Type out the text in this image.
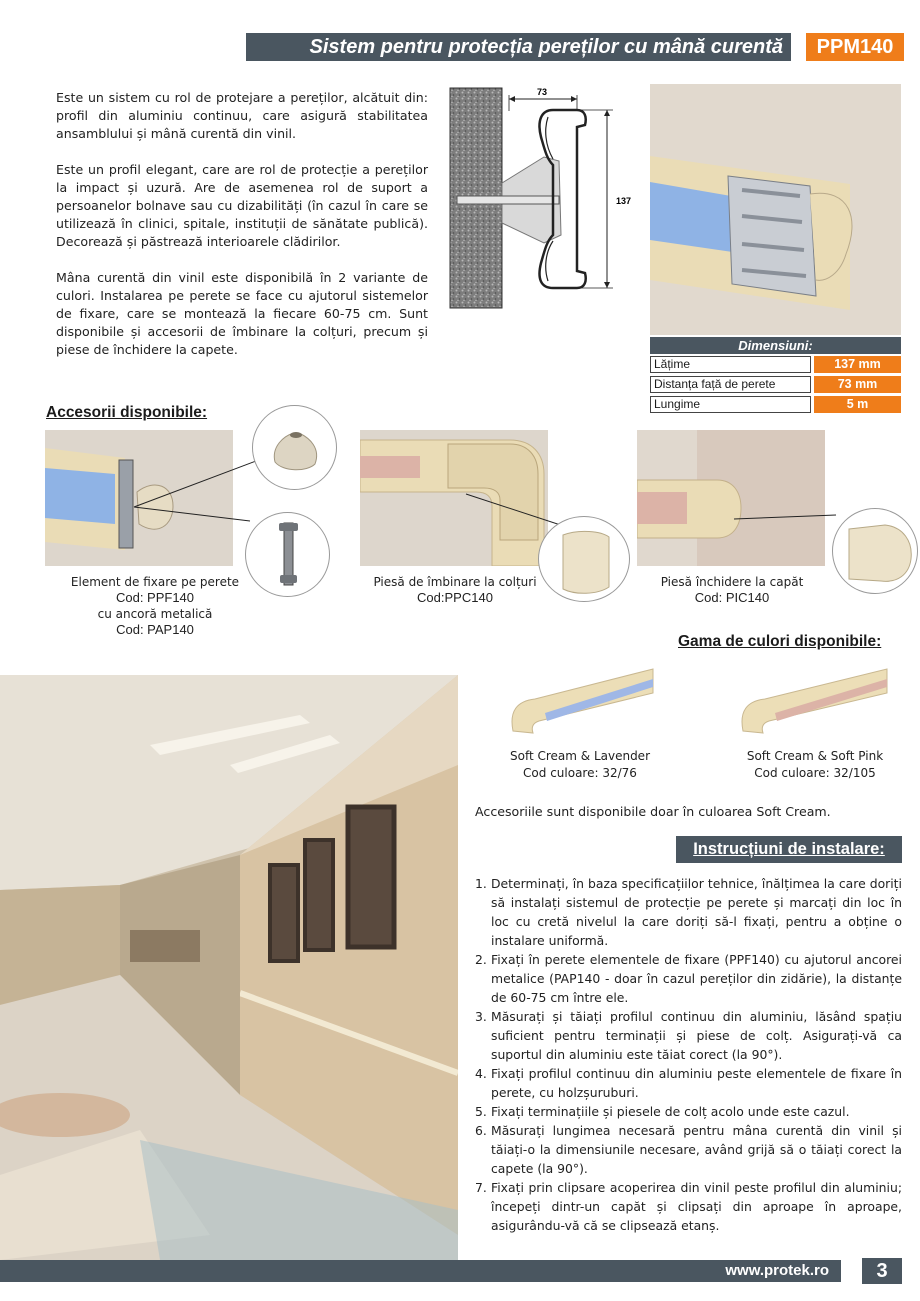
Sistem pentru protecția pereților cu mână curentă	PPM140

Este un sistem cu rol de protejare a pereților, alcătuit din: profil din aluminiu continuu, care asigură stabilitatea ansamblului și mână curentă din vinil.

Este un profil elegant, care are rol de protecție a pereților la impact și uzură. Are de asemenea rol de suport a persoanelor bolnave sau cu dizabilități (în cazul în care se utilizează în clinici, spitale, instituții de sănătate publică). Decorează și păstrează interioarele clădirilor.

Mâna curentă din vinil este disponibilă în 2 variante de culori. Instalarea pe perete se face cu ajutorul sistemelor de fixare, care se montează la fiecare 60-75 cm. Sunt disponibile și accesorii de îmbinare la colțuri, precum și piese de închidere la capete.

73
137
Dimensiuni:
Lățime	137 mm
Distanța față de perete	73 mm
Lungime	5 m
Accesorii disponibile:
Element de fixare pe perete
Cod: PPF140
cu ancoră metalică
Cod: PAP140
Piesă de îmbinare la colțuri
Cod:PPC140
Piesă închidere la capăt
Cod: PIC140
Gama de culori disponibile:
Soft Cream & Lavender
Cod culoare: 32/76
Soft Cream & Soft Pink
Cod culoare: 32/105
Accesoriile sunt disponibile doar în culoarea Soft Cream.
Instrucțiuni de instalare:
1. Determinați, în baza specificațiilor tehnice, înălțimea la care doriți să instalați sistemul de protecție pe perete și marcați din loc în loc cu cretă nivelul la care doriți să-l fixați, pentru a obține o instalare uniformă.
2. Fixați în perete elementele de fixare (PPF140) cu ajutorul ancorei metalice (PAP140 - doar în cazul pereților din zidărie), la distanțe de 60-75 cm între ele.
3. Măsurați și tăiați profilul continuu din aluminiu, lăsând spațiu suficient pentru terminații și piese de colț. Asigurați-vă ca suportul din aluminiu este tăiat corect (la 90°).
4. Fixați profilul continuu din aluminiu peste elementele de fixare în perete, cu holzșuruburi.
5. Fixați terminațiile și piesele de colț acolo unde este cazul.
6. Măsurați lungimea necesară pentru mâna curentă din vinil și tăiați-o la dimensiunile necesare, având grijă să o tăiați corect la capete (la 90°).
7. Fixați prin clipsare acoperirea din vinil peste profilul din aluminiu; începeți dintr-un capăt și clipsați din aproape în aproape, asigurându-vă că se clipsează etanș.
www.protek.ro	3
